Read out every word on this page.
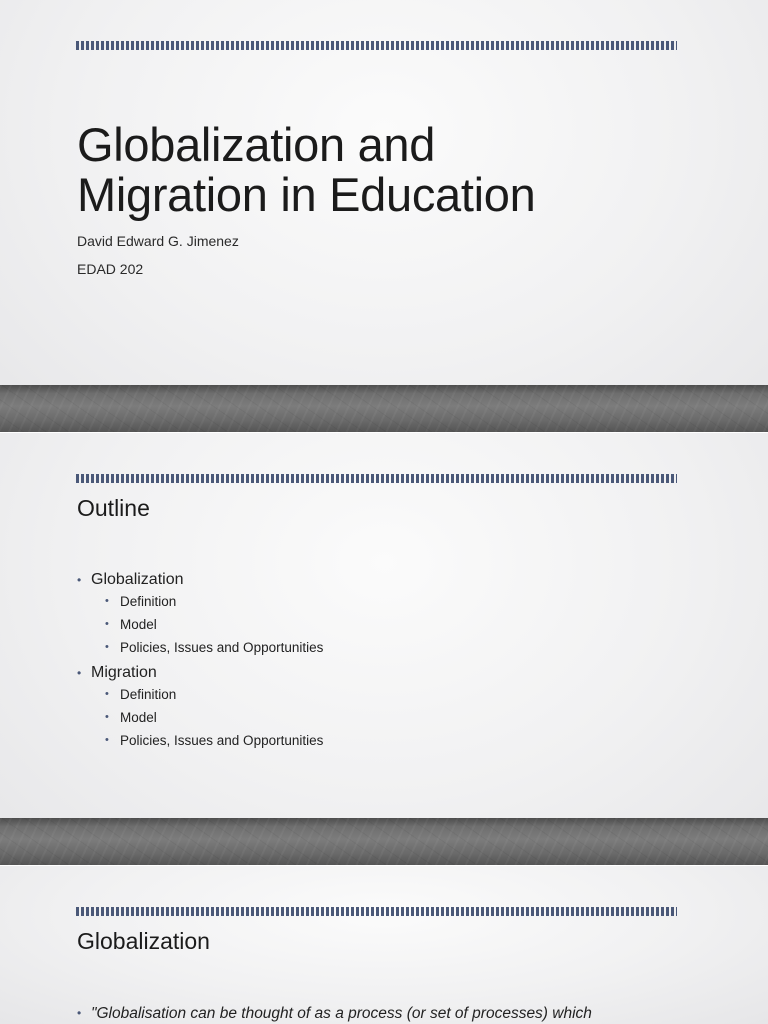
Globalization and
Migration in Education

David Edward G. Jimenez

EDAD 202

Outline
• Globalization
• Definition
• Model
• Policies, Issues and Opportunities
• Migration
• Definition
• Model
• Policies, Issues and Opportunities
Globalization

• "Globalisation can be thought of as a process (or set of processes) which
